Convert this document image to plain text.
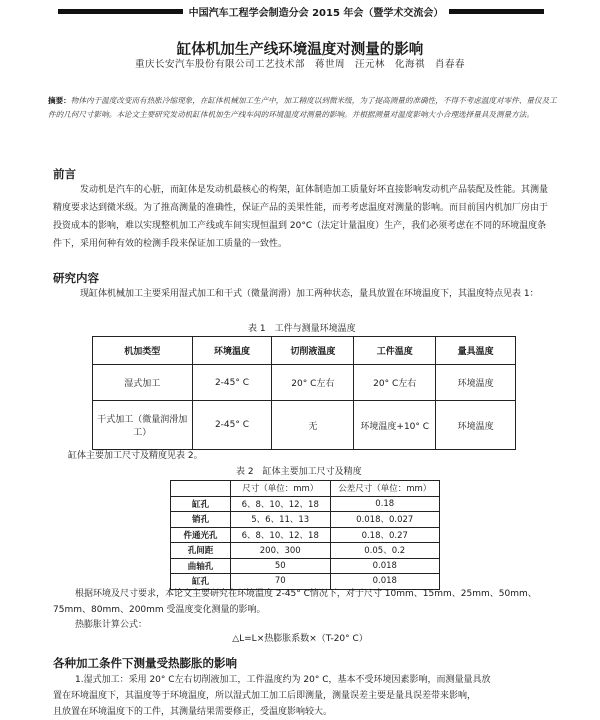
中国汽车工程学会制造分会 2015 年会（暨学术交流会）
缸体机加生产线环境温度对测量的影响
重庆长安汽车股份有限公司工艺技术部　蒋世周　汪元林　化海祺　肖春春
摘要：物体内于温度改变而有热胀冷缩现象，在缸体机械加工生产中，加工精度以到微米级，为了提高测量的准确性，不得不考虑温度对零件、量仪及工件的几何尺寸影响。本论文主要研究发动机缸体机加生产线车间的环境温度对测量的影响。并根据测量对温度影响大小合理选择量具及测量方法。
前言
发动机是汽车的心脏，而缸体是发动机最核心的构架，缸体制造加工质量好坏直接影响发动机产品装配及性能。其测量精度要求达到微米级。为了推高测量的准确性，保证产品的美果性能，而考考虑温度对测量的影响。而目前国内机加厂房由于投资成本的影响，难以实现整机加工产线或车间实现恒温到 20°C（法定计量温度）生产，我们必须考虑在不同的环境温度条件下，采用何种有效的检测手段来保证加工质量的一致性。
研究内容
现缸体机械加工主要采用湿式加工和干式（微量润滑）加工两种状态，量具放置在环境温度下，其温度特点见表 1：
表 1　工件与测量环境温度
机加类型	环境温度	切削液温度	工件温度	量具温度
湿式加工	2-45° C	20° C左右	20° C左右	环境温度
干式加工（微量润滑加工）	2-45° C	无	环境温度+10° C	环境温度
缸体主要加工尺寸及精度见表 2。
表 2　缸体主要加工尺寸及精度
	尺寸（单位：mm）	公差尺寸（单位：mm）
缸孔	6、8、10、12、18	0.18
销孔	5、6、11、13	0.018、0.027
件通光孔	6、8、10、12、18	0.18、0.27
孔间距	200、300	0.05、0.2
曲轴孔	50	0.018
缸孔	70	0.018
根据环境及尺寸要求，本论文主要研究在环境温度 2-45° C情况下，对于尺寸 10mm、15mm、25mm、50mm、
75mm、80mm、200mm 受温度变化测量的影响。
热膨胀计算公式：
△L=L×热膨胀系数×（T-20° C）
各种加工条件下测量受热膨胀的影响
1.湿式加工：采用 20° C左右切削液加工，工件温度约为 20° C，基本不受环境因素影响，而测量量具放
置在环境温度下，其温度等于环境温度，所以湿式加工加工后即测量，测量误差主要是量具误差带来影响，
且放置在环境温度下的工件，其测量结果需要修正，受温度影响较大。
